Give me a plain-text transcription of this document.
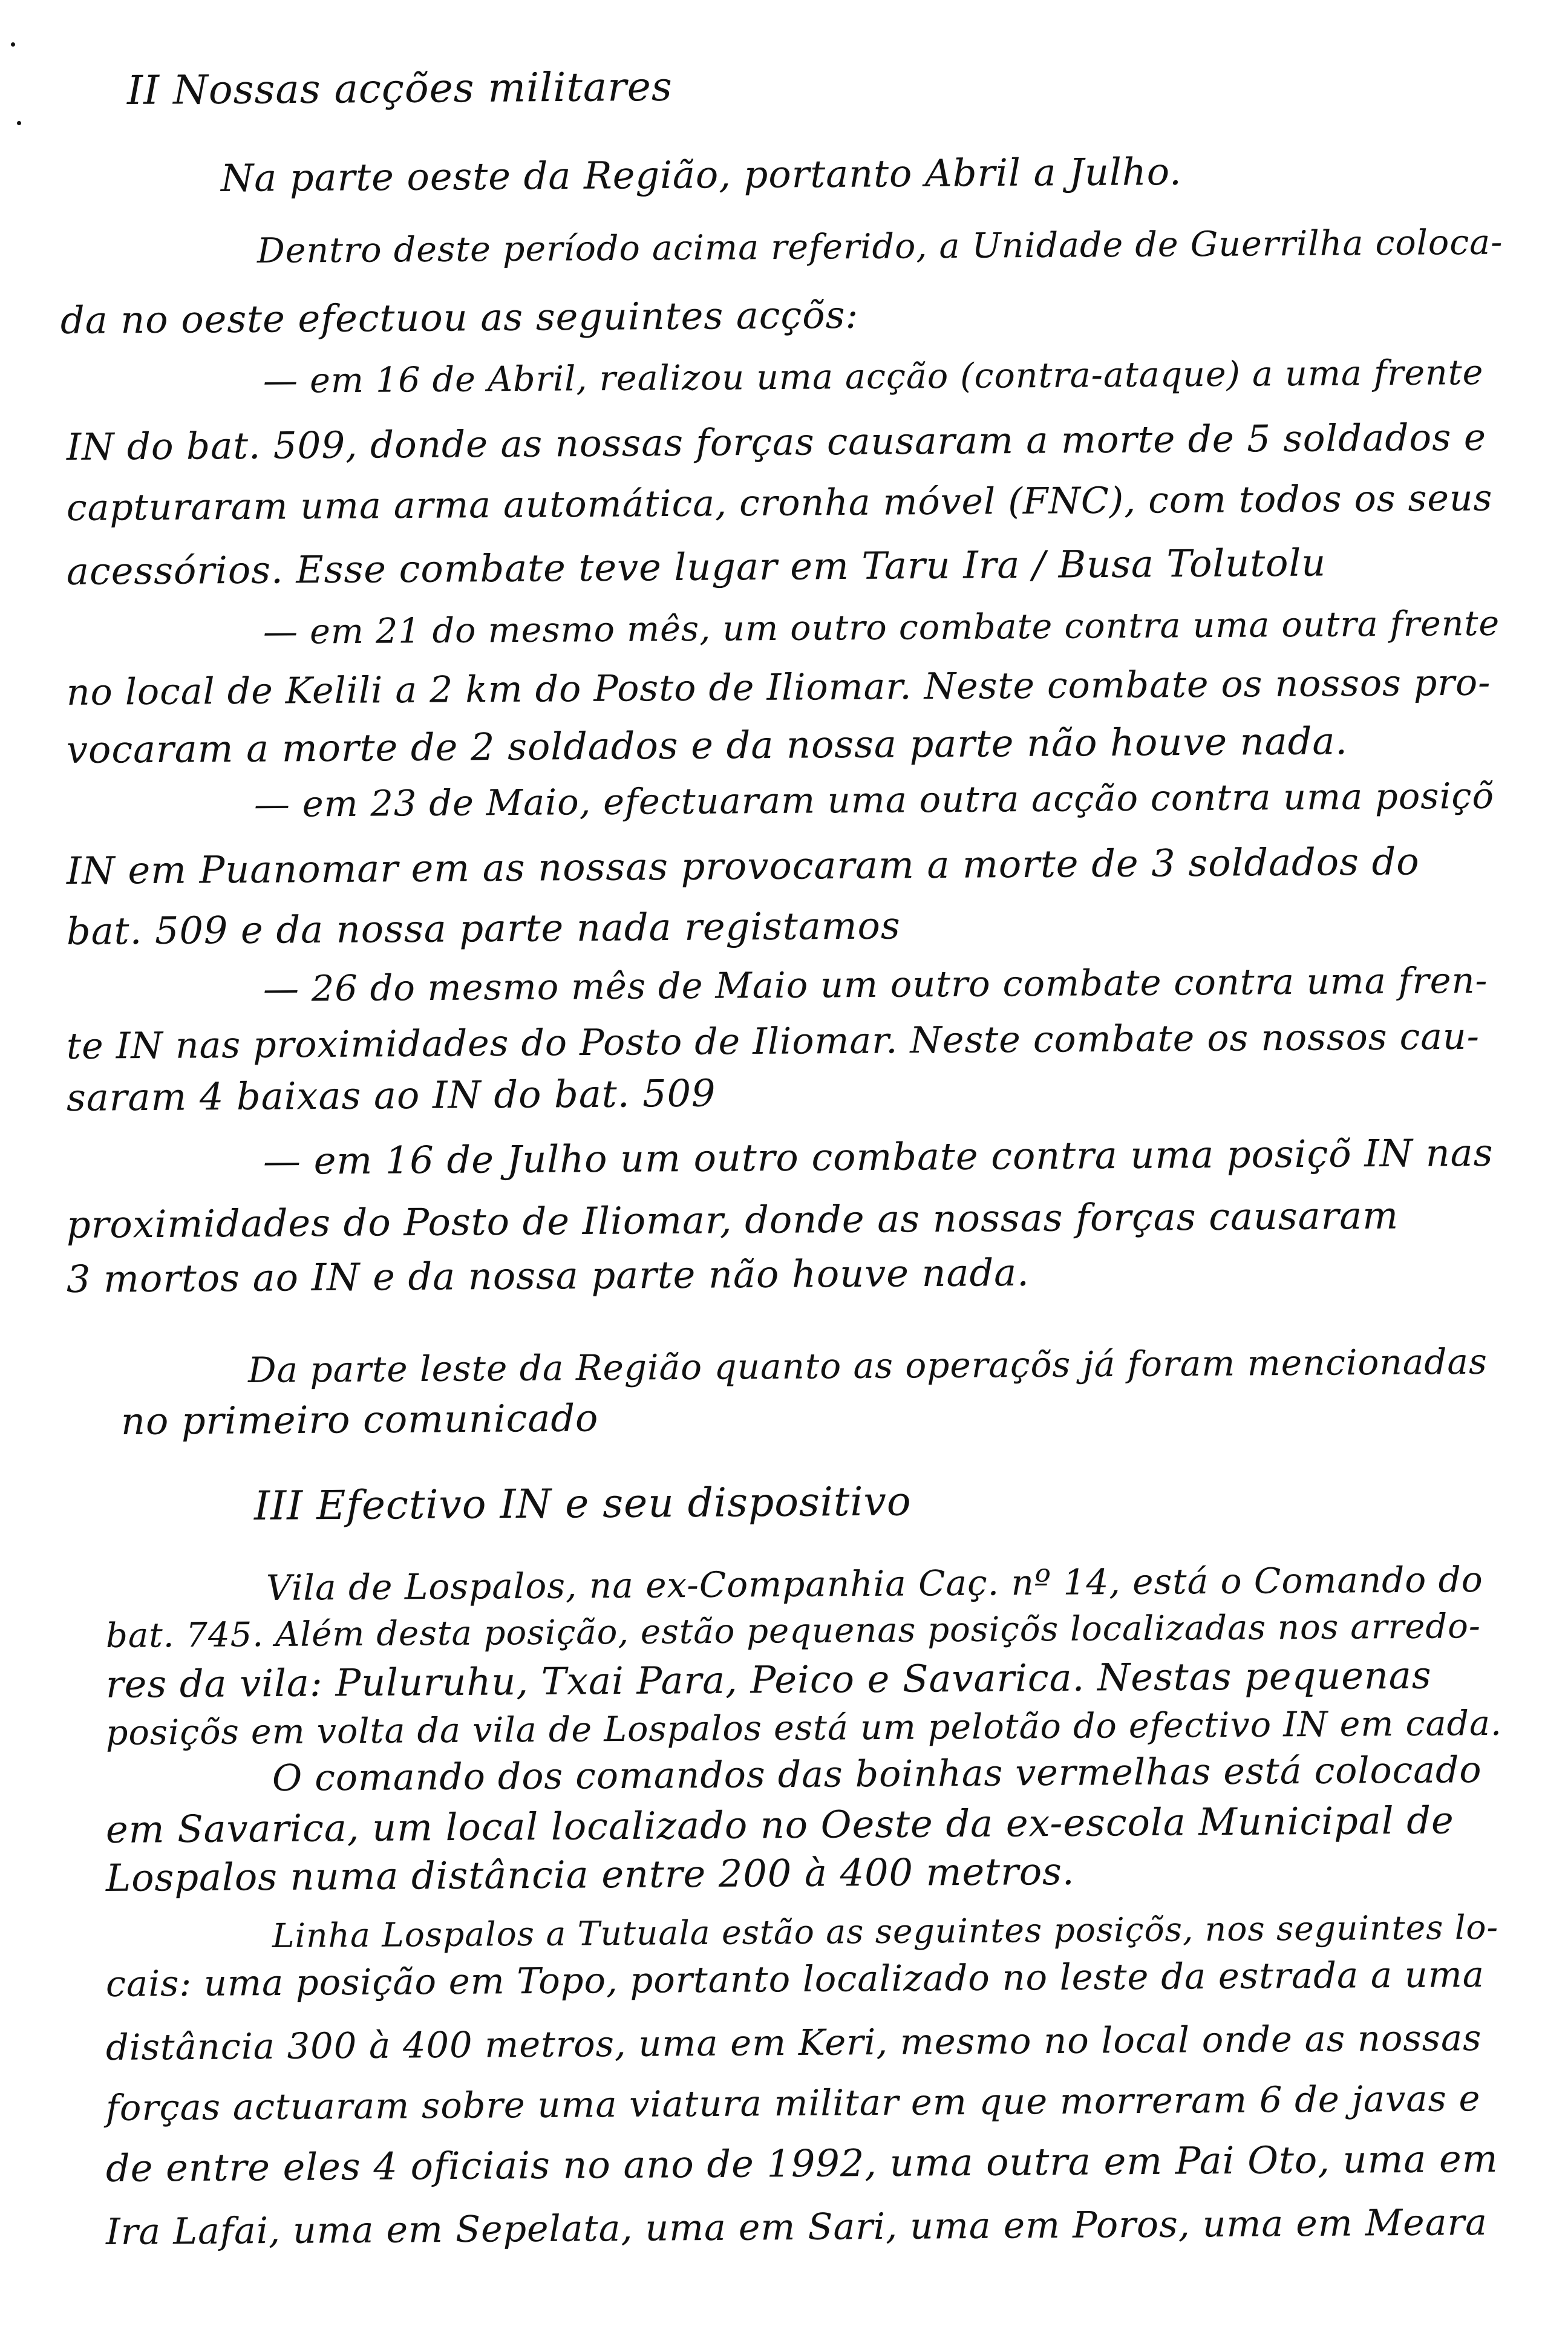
II Nossas acções militares
Na parte oeste da Região, portanto Abril a Julho.
Dentro deste período acima referido, a Unidade de Guerrilha coloca-
da no oeste efectuou as seguintes acçõs:
— em 16 de Abril, realizou uma acção (contra-ataque) a uma frente
IN do bat. 509, donde as nossas forças causaram a morte de 5 soldados e
capturaram uma arma automática, cronha móvel (FNC), com todos os seus
acessórios. Esse combate teve lugar em Taru Ira / Busa Tolutolu
— em 21 do mesmo mês, um outro combate contra uma outra frente
no local de Kelili a 2 km do Posto de Iliomar. Neste combate os nossos pro-
vocaram a morte de 2 soldados e da nossa parte não houve nada.
— em 23 de Maio, efectuaram uma outra acção contra uma posiçõ
IN em Puanomar em as nossas provocaram a morte de 3 soldados do
bat. 509 e da nossa parte nada registamos
— 26 do mesmo mês de Maio um outro combate contra uma fren-
te IN nas proximidades do Posto de Iliomar. Neste combate os nossos cau-
saram 4 baixas ao IN do bat. 509
— em 16 de Julho um outro combate contra uma posiçõ IN nas
proximidades do Posto de Iliomar, donde as nossas forças causaram
3 mortos ao IN e da nossa parte não houve nada.
Da parte leste da Região quanto as operaçõs já foram mencionadas
no primeiro comunicado
III Efectivo IN e seu dispositivo
Vila de Lospalos, na ex-Companhia Caç. nº 14, está o Comando do
bat. 745. Além desta posição, estão pequenas posiçõs localizadas nos arredo-
res da vila: Puluruhu, Txai Para, Peico e Savarica. Nestas pequenas
posiçõs em volta da vila de Lospalos está um pelotão do efectivo IN em cada.
O comando dos comandos das boinhas vermelhas está colocado
em Savarica, um local localizado no Oeste da ex-escola Municipal de
Lospalos numa distância entre 200 à 400 metros.
Linha Lospalos a Tutuala estão as seguintes posiçõs, nos seguintes lo-
cais: uma posição em Topo, portanto localizado no leste da estrada a uma
distância 300 à 400 metros, uma em Keri, mesmo no local onde as nossas
forças actuaram sobre uma viatura militar em que morreram 6 de javas e
de entre eles 4 oficiais no ano de 1992, uma outra em Pai Oto, uma em
Ira Lafai, uma em Sepelata, uma em Sari, uma em Poros, uma em Meara
